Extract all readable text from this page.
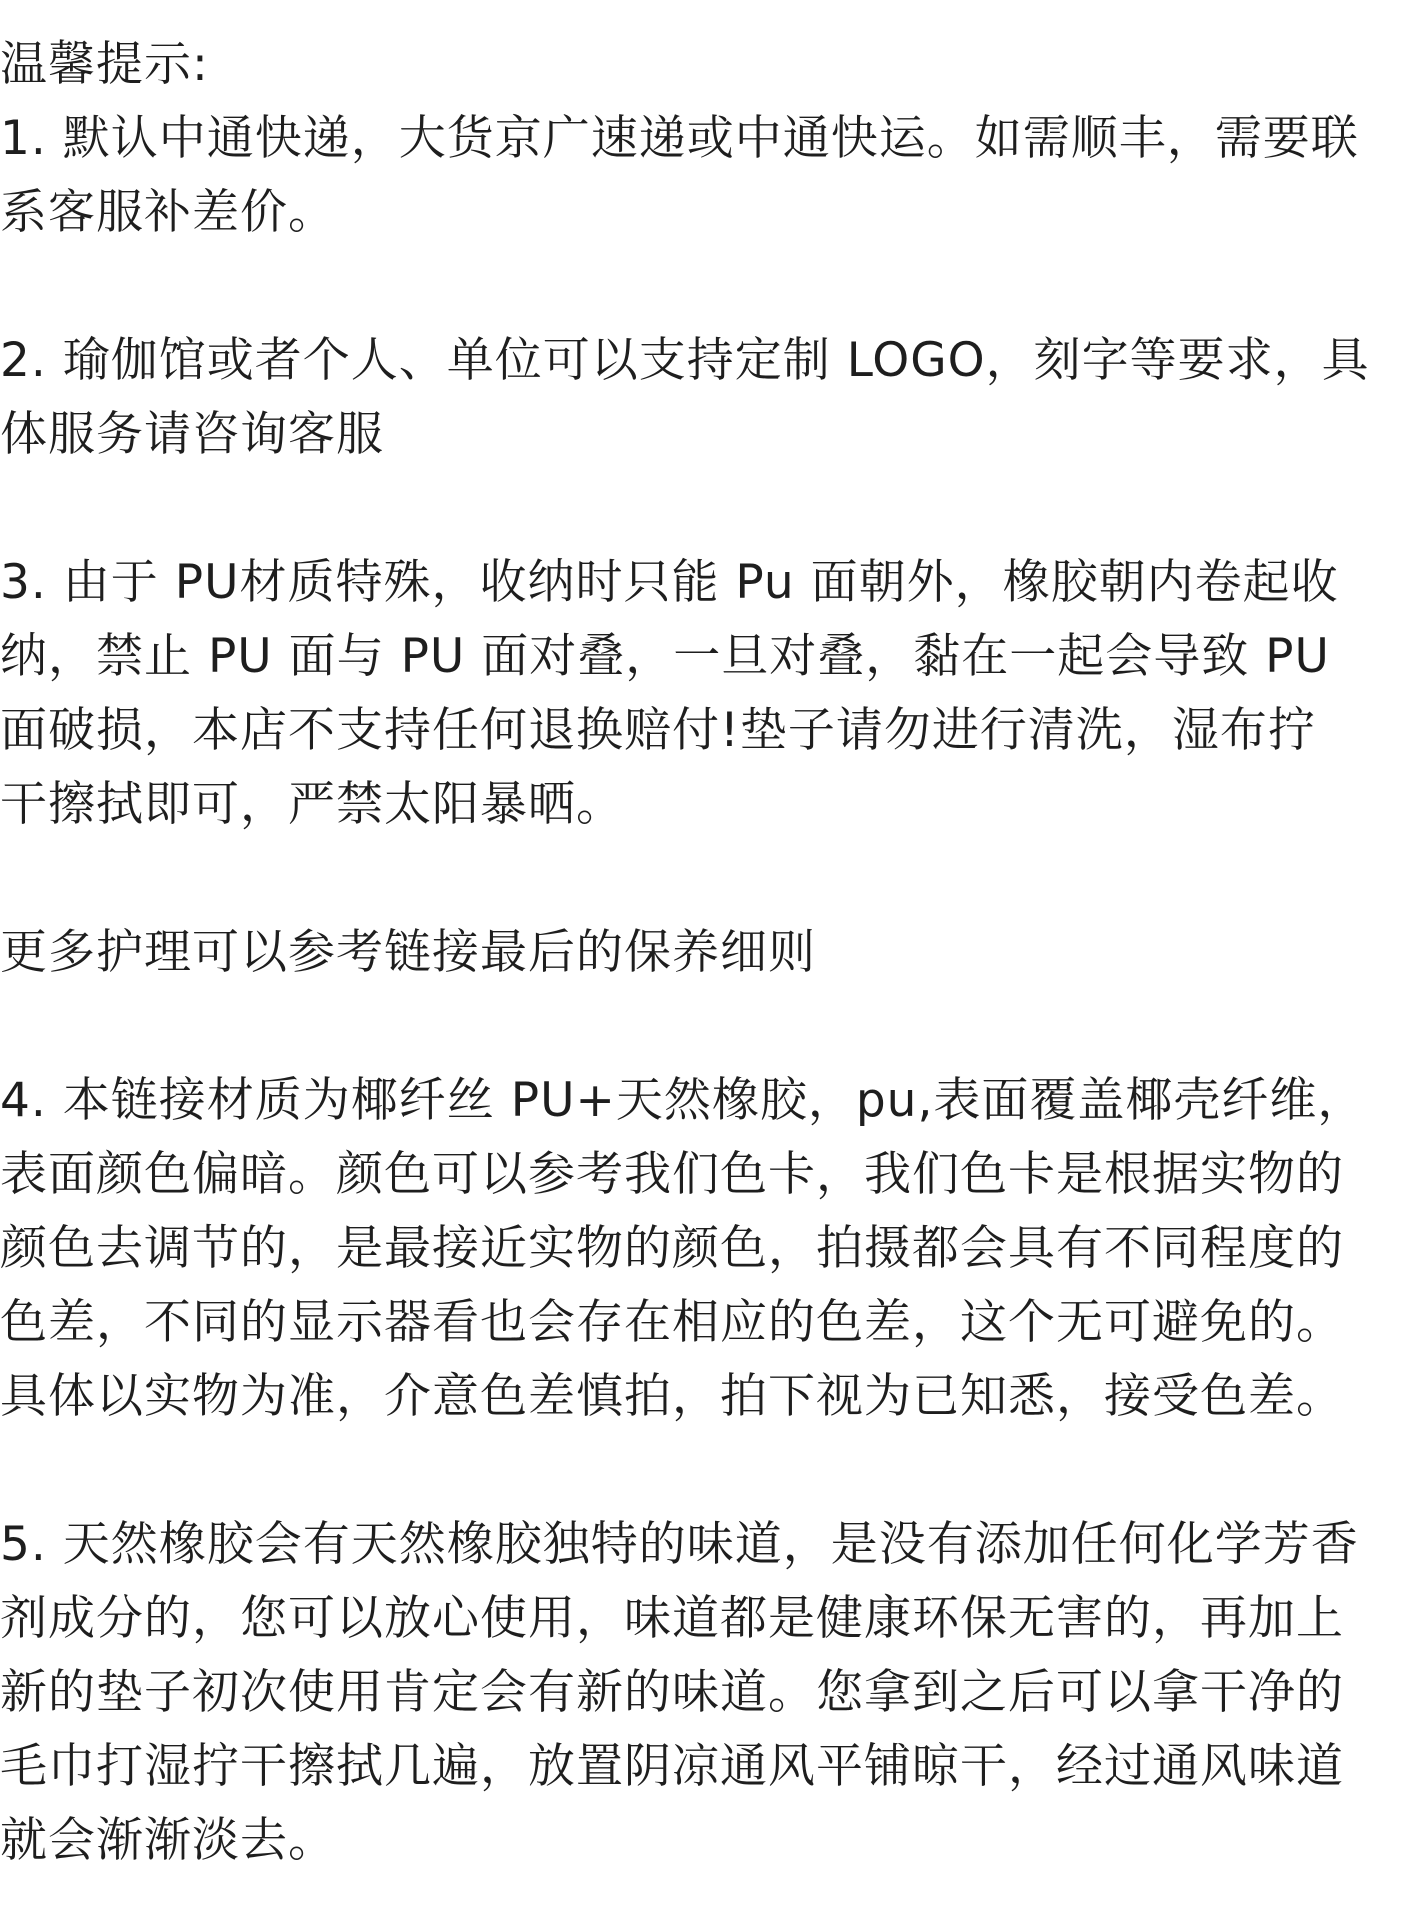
温馨提示:

1. 默认中通快递，大货京广速递或中通快运。如需顺丰，需要联
系客服补差价。

2. 瑜伽馆或者个人、单位可以支持定制 LOGO，刻字等要求，具
体服务请咨询客服

3. 由于 PU材质特殊，收纳时只能 Pu 面朝外，橡胶朝内卷起收
纳，禁止 PU 面与 PU 面对叠，一旦对叠，黏在一起会导致 PU
面破损，本店不支持任何退换赔付!垫子请勿进行清洗，湿布拧
干擦拭即可，严禁太阳暴晒。

更多护理可以参考链接最后的保养细则

4. 本链接材质为椰纤丝 PU+天然橡胶，pu,表面覆盖椰壳纤维，
表面颜色偏暗。颜色可以参考我们色卡，我们色卡是根据实物的
颜色去调节的，是最接近实物的颜色，拍摄都会具有不同程度的
色差，不同的显示器看也会存在相应的色差，这个无可避免的。
具体以实物为准，介意色差慎拍，拍下视为已知悉，接受色差。

5. 天然橡胶会有天然橡胶独特的味道，是没有添加任何化学芳香
剂成分的，您可以放心使用，味道都是健康环保无害的，再加上
新的垫子初次使用肯定会有新的味道。您拿到之后可以拿干净的
毛巾打湿拧干擦拭几遍，放置阴凉通风平铺晾干，经过通风味道
就会渐渐淡去。
